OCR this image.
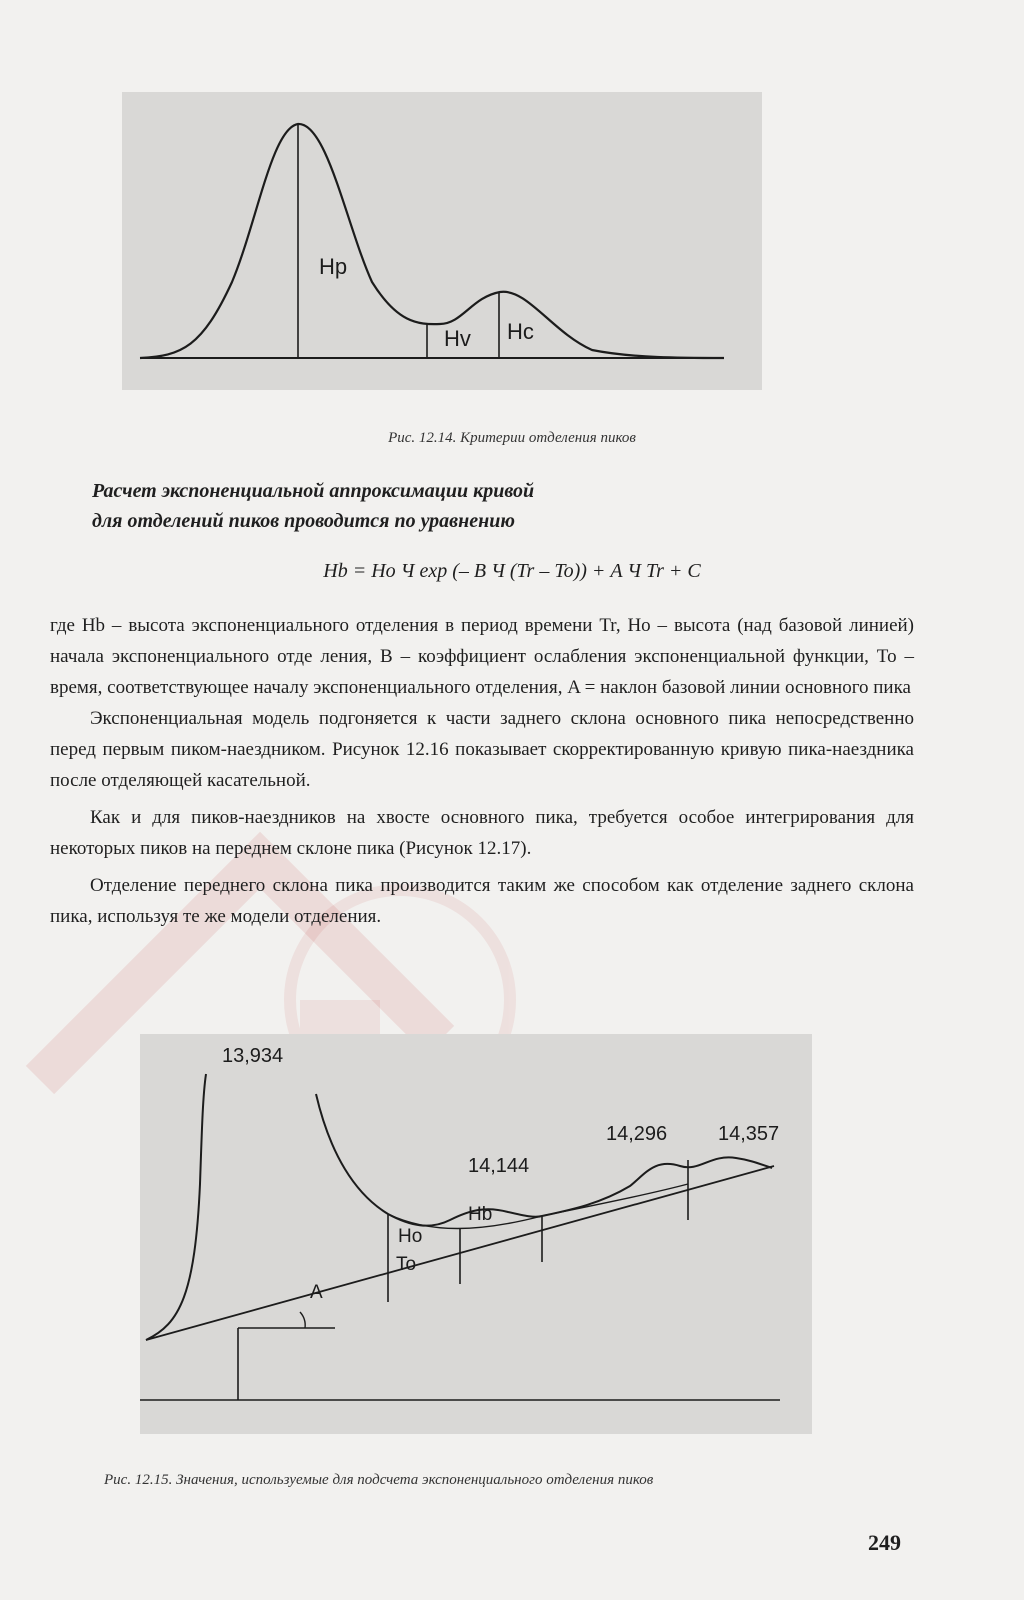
Hp
Hv Hc
Рис. 12.14. Критерии отделения пиков
Расчет экспоненциальной аппроксимации кривой
для отделений пиков проводится по уравнению
Hb = Ho Ч exp (– B Ч (Tr – To)) + A Ч Tr + C

где Hb – высота экспоненциального отделения в период времени Tr, Ho – высота (над базовой линией) начала экспоненциального отде ления, B – коэффициент ослабления экспоненциальной функции, To – время, соответствующее началу экспоненциального отделения, A = наклон базовой линии основного пика

Экспоненциальная модель подгоняется к части заднего склона основного пика непосредственно перед первым пиком-наездником. Рисунок 12.16 показывает скорректированную кривую пика-наездника после отделяющей касательной.

Как и для пиков-наездников на хвосте основного пика, требуется особое интегрирования для некоторых пиков на переднем склоне пика (Рисунок 12.17).

Отделение переднего склона пика производится таким же способом как отделение заднего склона пика, используя те же модели отделения.

13,934
14,144
14,296	14,357
Hb
Ho
To
A
Рис. 12.15. Значения, используемые для подсчета экспоненциального отделения пиков
249
